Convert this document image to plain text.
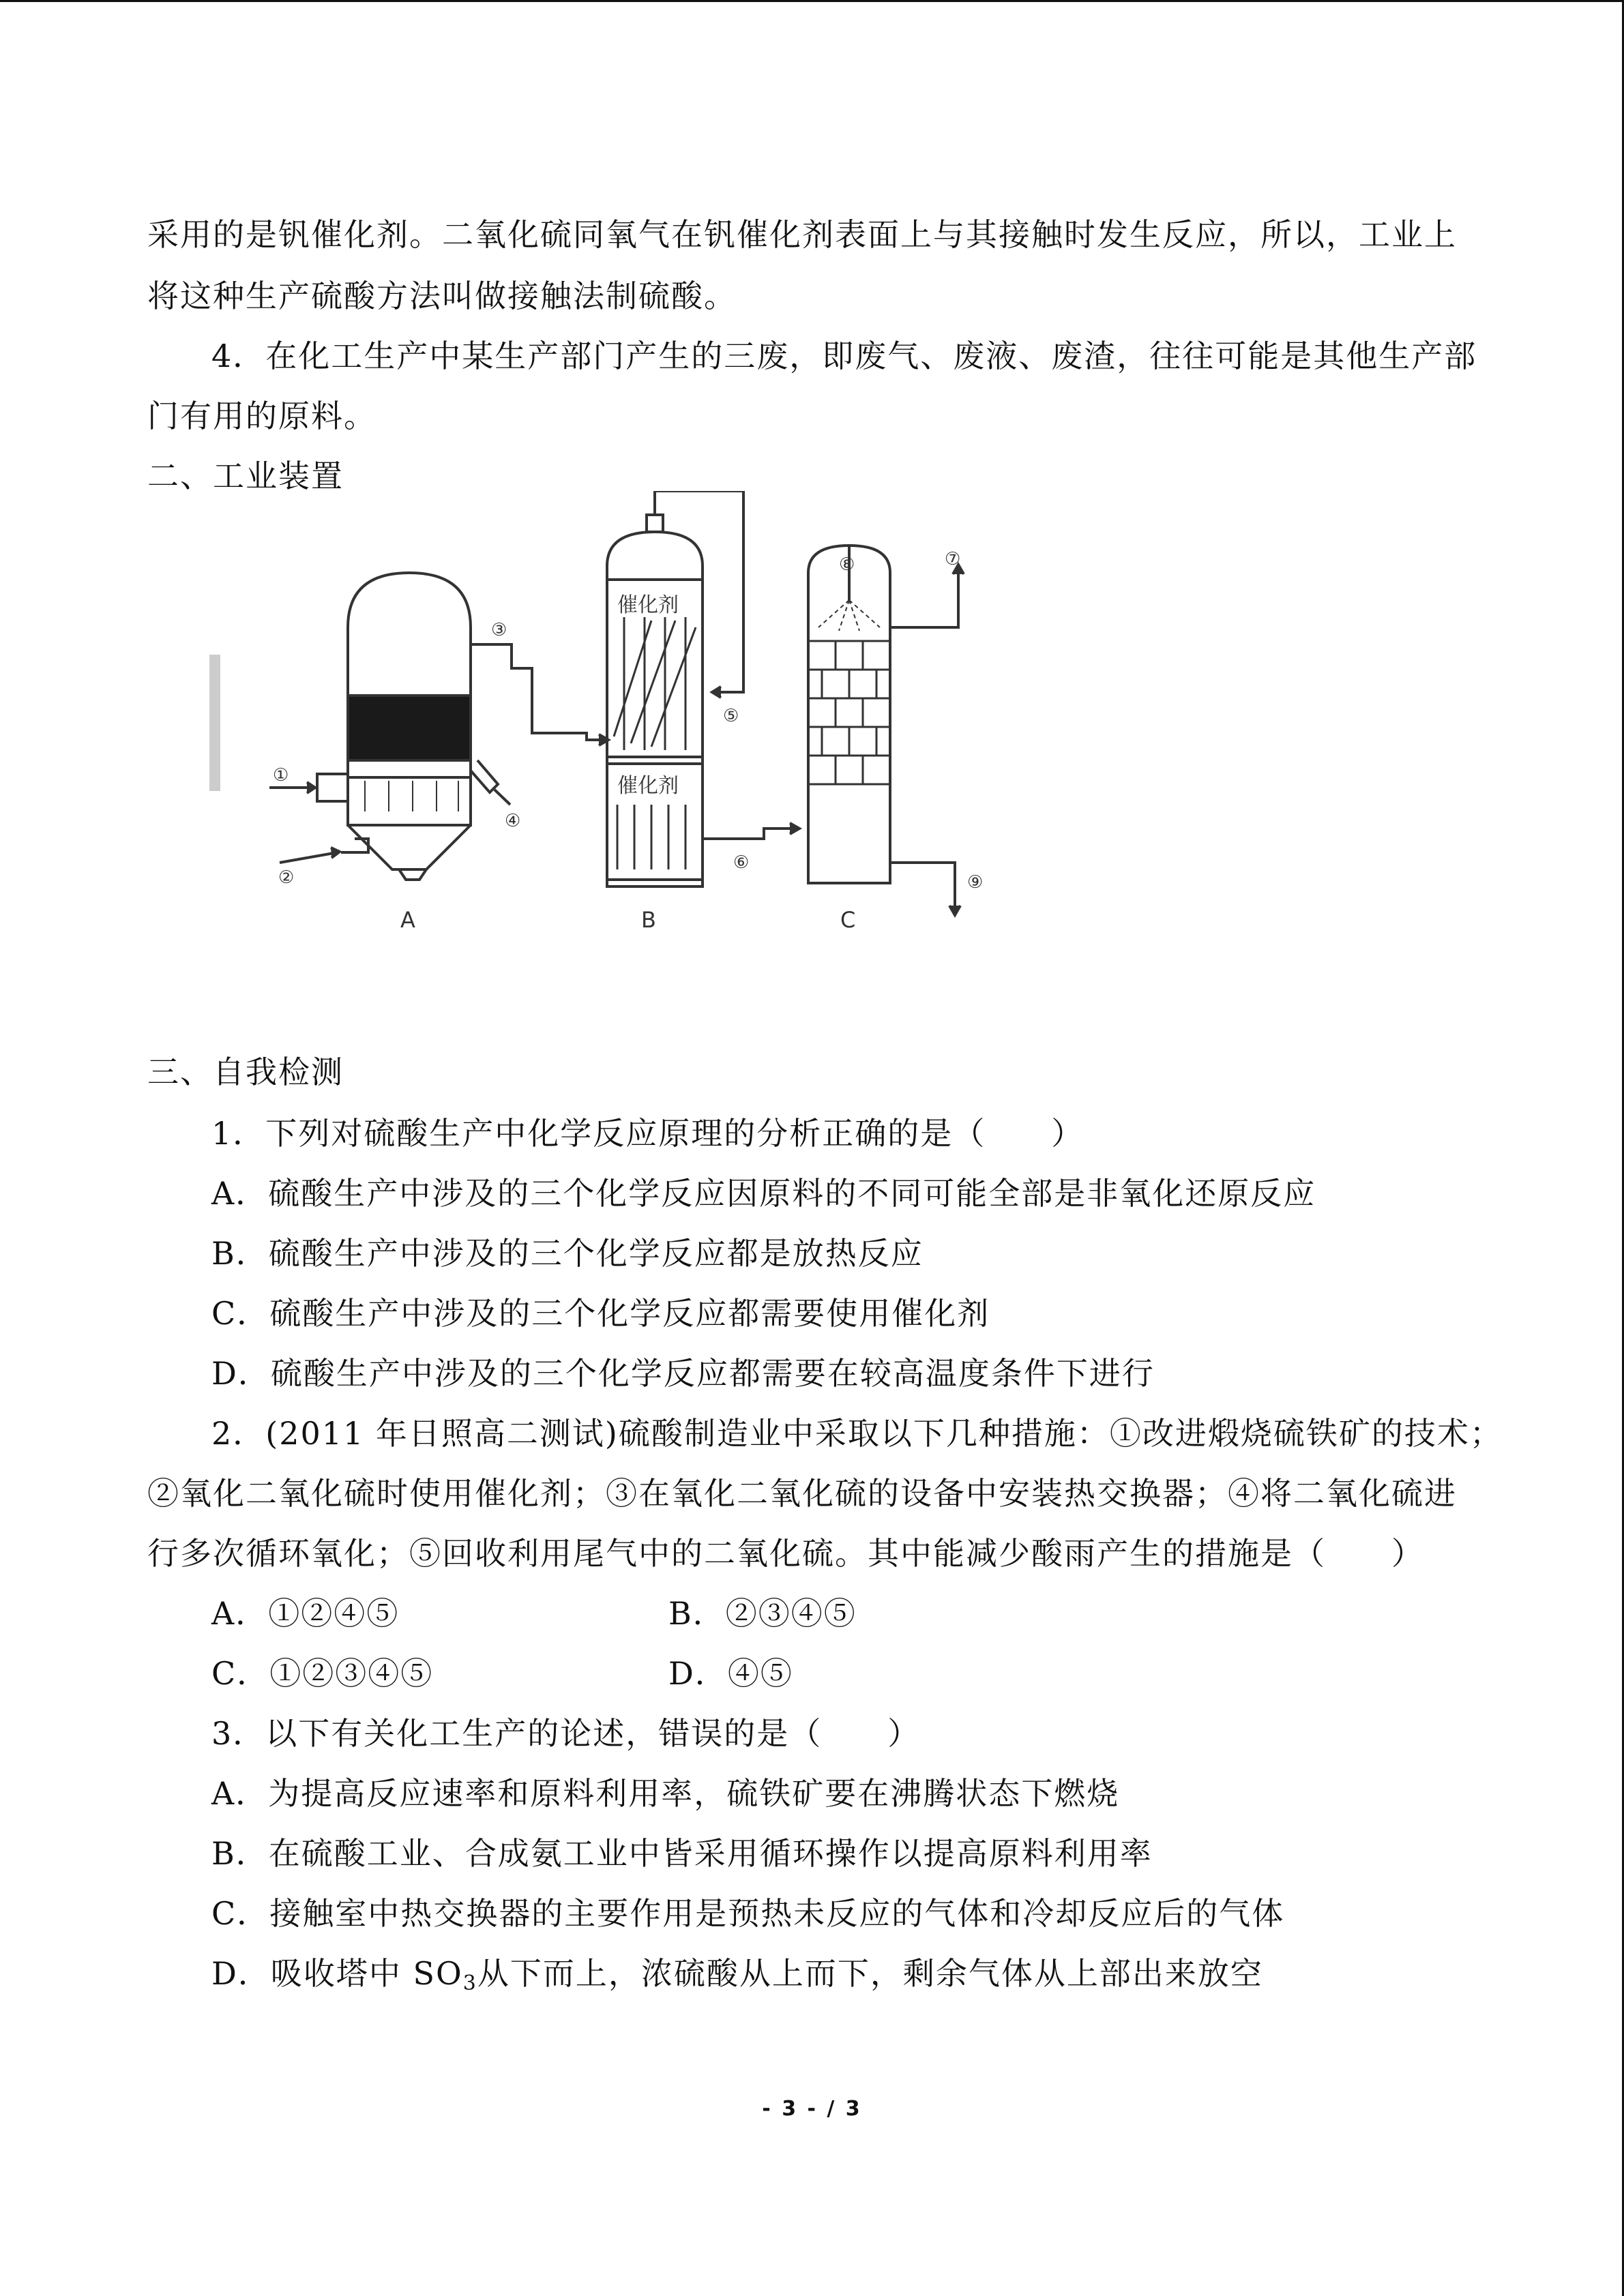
采用的是钒催化剂。二氧化硫同氧气在钒催化剂表面上与其接触时发生反应，所以，工业上
将这种生产硫酸方法叫做接触法制硫酸。
4．在化工生产中某生产部门产生的三废，即废气、废液、废渣，往往可能是其他生产部
门有用的原料。
二、工业装置
催化剂
催化剂
A	B	C
①
②
③
④
⑤
⑥
⑦
⑧
⑨
三、自我检测
1．下列对硫酸生产中化学反应原理的分析正确的是（　　）
A．硫酸生产中涉及的三个化学反应因原料的不同可能全部是非氧化还原反应
B．硫酸生产中涉及的三个化学反应都是放热反应
C．硫酸生产中涉及的三个化学反应都需要使用催化剂
D．硫酸生产中涉及的三个化学反应都需要在较高温度条件下进行
2．(2011 年日照高二测试)硫酸制造业中采取以下几种措施：①改进煅烧硫铁矿的技术；
②氧化二氧化硫时使用催化剂；③在氧化二氧化硫的设备中安装热交换器；④将二氧化硫进
行多次循环氧化；⑤回收利用尾气中的二氧化硫。其中能减少酸雨产生的措施是（　　）
A．①②④⑤	B．②③④⑤
C．①②③④⑤	D．④⑤
3．以下有关化工生产的论述，错误的是（　　）
A．为提高反应速率和原料利用率，硫铁矿要在沸腾状态下燃烧
B．在硫酸工业、合成氨工业中皆采用循环操作以提高原料利用率
C．接触室中热交换器的主要作用是预热未反应的气体和冷却反应后的气体
D．吸收塔中 $SO_3$从下而上，浓硫酸从上而下，剩余气体从上部出来放空
- 3 - / 3
